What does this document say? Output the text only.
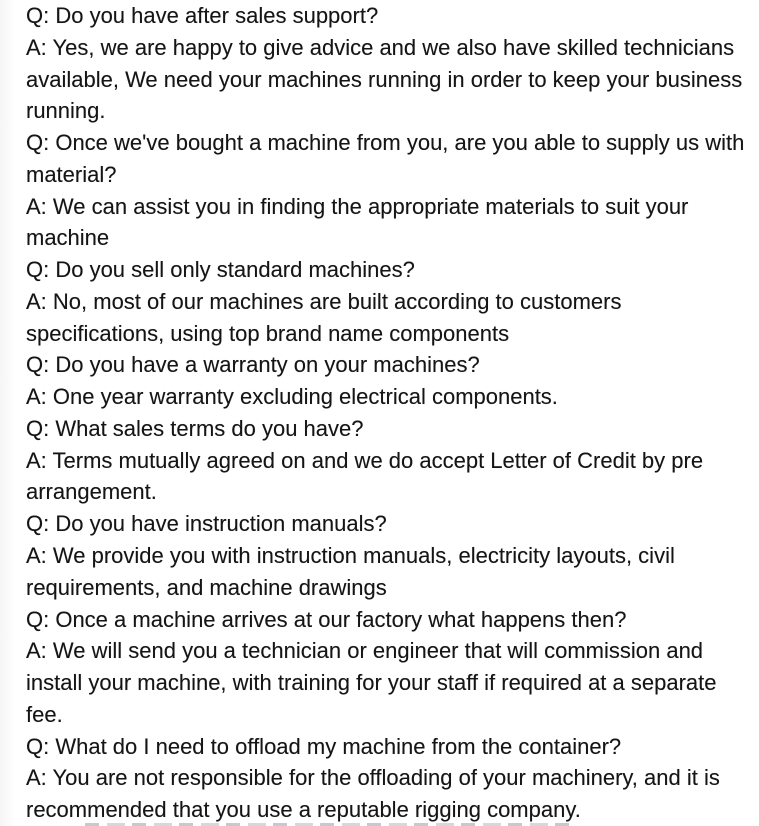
Q: Do you have after sales support?

A: Yes, we are happy to give advice and we also have skilled technicians available, We need your machines running in order to keep your business running.

Q: Once we've bought a machine from you, are you able to supply us with material?

A: We can assist you in finding the appropriate materials to suit your machine

Q: Do you sell only standard machines?

A: No, most of our machines are built according to customers specifications, using top brand name components

Q: Do you have a warranty on your machines?

A: One year warranty excluding electrical components.

Q: What sales terms do you have?

A: Terms mutually agreed on and we do accept Letter of Credit by pre arrangement.

Q: Do you have instruction manuals?

A: We provide you with instruction manuals, electricity layouts, civil requirements, and machine drawings

Q: Once a machine arrives at our factory what happens then?

A: We will send you a technician or engineer that will commission and install your machine, with training for your staff if required at a separate fee.

Q: What do I need to offload my machine from the container?

A: You are not responsible for the offloading of your machinery, and it is recommended that you use a reputable rigging company.
